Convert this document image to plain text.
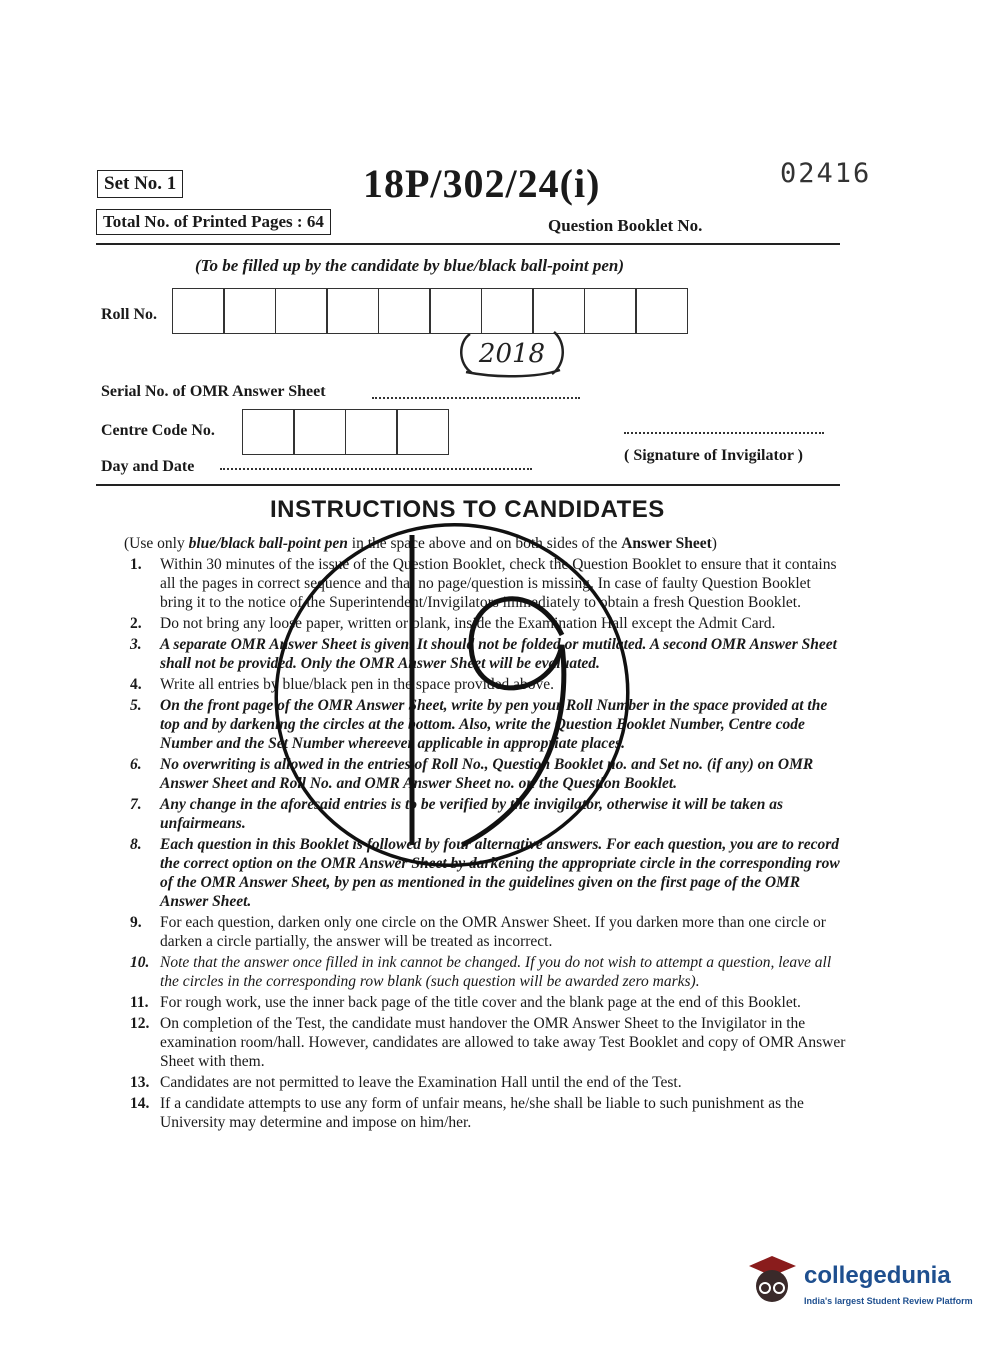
Set No. 1	18P/302/24(i)	02416
Total No. of Printed Pages : 64	Question Booklet No.
(To be filled up by the candidate by blue/black ball-point pen)
Roll No.
2018
Serial No. of OMR Answer Sheet
Centre Code No.
( Signature of Invigilator )
Day and Date
INSTRUCTIONS TO CANDIDATES
(Use only blue/black ball-point pen in the space above and on both sides of the Answer Sheet)
1. Within 30 minutes of the issue of the Question Booklet, check the Question Booklet to ensure that it contains all the pages in correct sequence and that no page/question is missing. In case of faulty Question Booklet bring it to the notice of the Superintendent/Invigilators immediately to obtain a fresh Question Booklet.
2. Do not bring any loose paper, written or blank, inside the Examination Hall except the Admit Card.
3. A separate OMR Answer Sheet is given. It should not be folded or mutilated. A second OMR Answer Sheet shall not be provided. Only the OMR Answer Sheet will be evaluated.
4. Write all entries by blue/black pen in the space provided above.
5. On the front page of the OMR Answer Sheet, write by pen your Roll Number in the space provided at the top and by darkening the circles at the bottom. Also, write the Question Booklet Number, Centre code Number and the Set Number whereever applicable in appropriate places.
6. No overwriting is allowed in the entries of Roll No., Question Booklet no. and Set no. (if any) on OMR Answer Sheet and Roll No. and OMR Answer Sheet no. on the Question Booklet.
7. Any change in the aforesaid entries is to be verified by the invigilator, otherwise it will be taken as unfairmeans.
8. Each question in this Booklet is followed by four alternative answers. For each question, you are to record the correct option on the OMR Answer Sheet by darkening the appropriate circle in the corresponding row of the OMR Answer Sheet, by pen as mentioned in the guidelines given on the first page of the OMR Answer Sheet.
9. For each question, darken only one circle on the OMR Answer Sheet. If you darken more than one circle or darken a circle partially, the answer will be treated as incorrect.
10. Note that the answer once filled in ink cannot be changed. If you do not wish to attempt a question, leave all the circles in the corresponding row blank (such question will be awarded zero marks).
11. For rough work, use the inner back page of the title cover and the blank page at the end of this Booklet.
12. On completion of the Test, the candidate must handover the OMR Answer Sheet to the Invigilator in the examination room/hall. However, candidates are allowed to take away Test Booklet and copy of OMR Answer Sheet with them.
13. Candidates are not permitted to leave the Examination Hall until the end of the Test.
14. If a candidate attempts to use any form of unfair means, he/she shall be liable to such punishment as the University may determine and impose on him/her.
collegedunia
India's largest Student Review Platform
